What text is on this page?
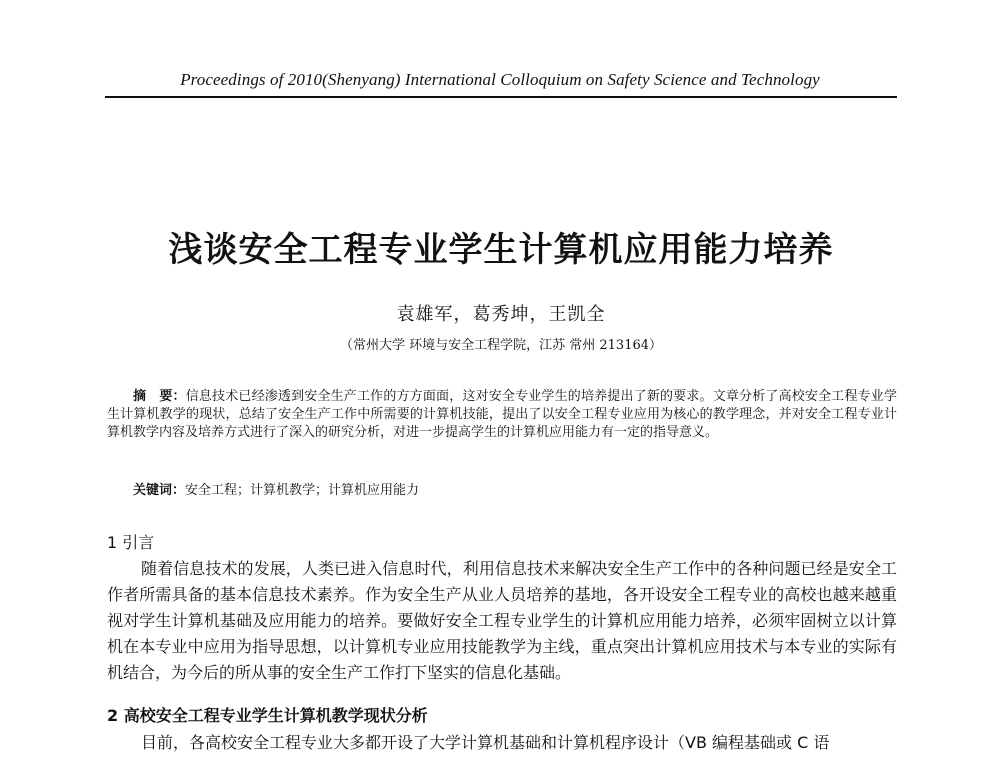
Proceedings of 2010(Shenyang) International Colloquium on Safety Science and Technology
浅谈安全工程专业学生计算机应用能力培养
袁雄军，葛秀坤，王凯全
（常州大学 环境与安全工程学院，江苏 常州 213164）
摘　要：信息技术已经渗透到安全生产工作的方方面面，这对安全专业学生的培养提出了新的要求。文章分析了高校安全工程专业学生计算机教学的现状，总结了安全生产工作中所需要的计算机技能，提出了以安全工程专业应用为核心的教学理念，并对安全工程专业计算机教学内容及培养方式进行了深入的研究分析，对进一步提高学生的计算机应用能力有一定的指导意义。
关键词：安全工程；计算机教学；计算机应用能力
1 引言
随着信息技术的发展，人类已进入信息时代，利用信息技术来解决安全生产工作中的各种问题已经是安全工作者所需具备的基本信息技术素养。作为安全生产从业人员培养的基地，各开设安全工程专业的高校也越来越重视对学生计算机基础及应用能力的培养。要做好安全工程专业学生的计算机应用能力培养，必须牢固树立以计算机在本专业中应用为指导思想，以计算机专业应用技能教学为主线，重点突出计算机应用技术与本专业的实际有机结合，为今后的所从事的安全生产工作打下坚实的信息化基础。
2 高校安全工程专业学生计算机教学现状分析
目前，各高校安全工程专业大多都开设了大学计算机基础和计算机程序设计（VB 编程基础或 C 语
